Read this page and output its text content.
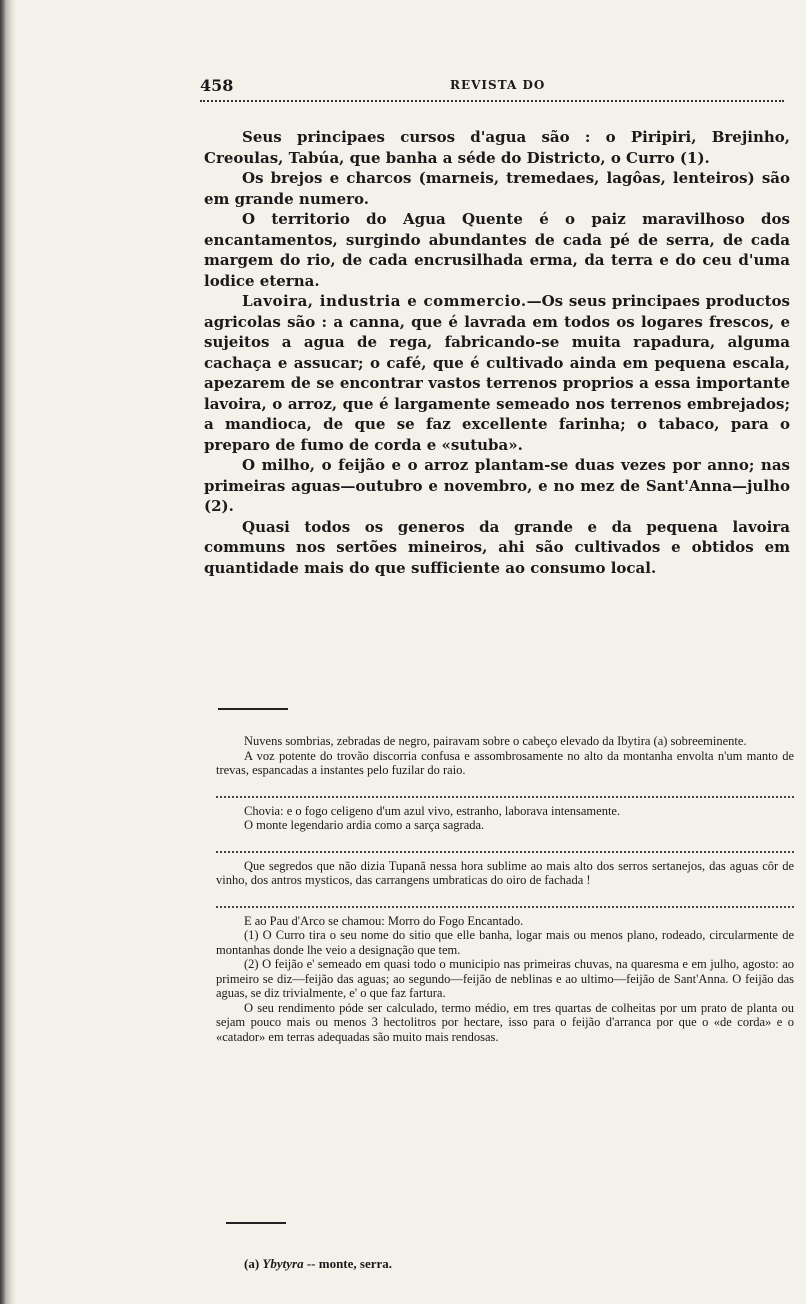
458	REVISTA DO

Seus principaes cursos d'agua são : o Piripiri, Brejinho, Creoulas, Tabúa, que banha a séde do Districto, o Curro (1).

Os brejos e charcos (marneis, tremedaes, lagôas, lenteiros) são em grande numero.

O territorio do Agua Quente é o paiz maravilhoso dos encantamentos, surgindo abundantes de cada pé de serra, de cada margem do rio, de cada encrusilhada erma, da terra e do ceu d'uma lodice eterna.

Lavoira, industria e commercio.—Os seus principaes productos agricolas são : a canna, que é lavrada em todos os logares frescos, e sujeitos a agua de rega, fabricando-se muita rapadura, alguma cachaça e assucar; o café, que é cultivado ainda em pequena escala, apezarem de se encontrar vastos terrenos proprios a essa importante lavoira, o arroz, que é largamente semeado nos terrenos embrejados; a mandioca, de que se faz excellente farinha; o tabaco, para o preparo de fumo de corda e «sutuba».

O milho, o feijão e o arroz plantam-se duas vezes por anno; nas primeiras aguas—outubro e novembro, e no mez de Sant'Anna—julho (2).

Quasi todos os generos da grande e da pequena lavoira communs nos sertões mineiros, ahi são cultivados e obtidos em quantidade mais do que sufficiente ao consumo local.

Nuvens sombrias, zebradas de negro, pairavam sobre o cabeço elevado da Ibytira (a) sobreeminente.

A voz potente do trovão discorria confusa e assombrosamente no alto da montanha envolta n'um manto de trevas, espancadas a instantes pelo fuzilar do raio.

Chovia: e o fogo celigeno d'um azul vivo, estranho, laborava intensamente.

O monte legendario ardia como a sarça sagrada.

Que segredos que não dizia Tupanã nessa hora sublime ao mais alto dos serros sertanejos, das aguas côr de vinho, dos antros mysticos, das carrangens umbraticas do oiro de fachada !

E ao Pau d'Arco se chamou: Morro do Fogo Encantado.

(1) O Curro tira o seu nome do sitio que elle banha, logar mais ou menos plano, rodeado, circularmente de montanhas donde lhe veio a designação que tem.

(2) O feijão e' semeado em quasi todo o municipio nas primeiras chuvas, na quaresma e em julho, agosto: ao primeiro se diz—feijão das aguas; ao segundo—feijão de neblinas e ao ultimo—feijão de Sant'Anna. O feijão das aguas, se diz trivialmente, e' o que faz fartura.

O seu rendimento póde ser calculado, termo médio, em tres quartas de colheitas por um prato de planta ou sejam pouco mais ou menos 3 hectolitros por hectare, isso para o feijão d'arranca por que o «de corda» e o «catador» em terras adequadas são muito mais rendosas.

(a) Ybytyra -- monte, serra.
